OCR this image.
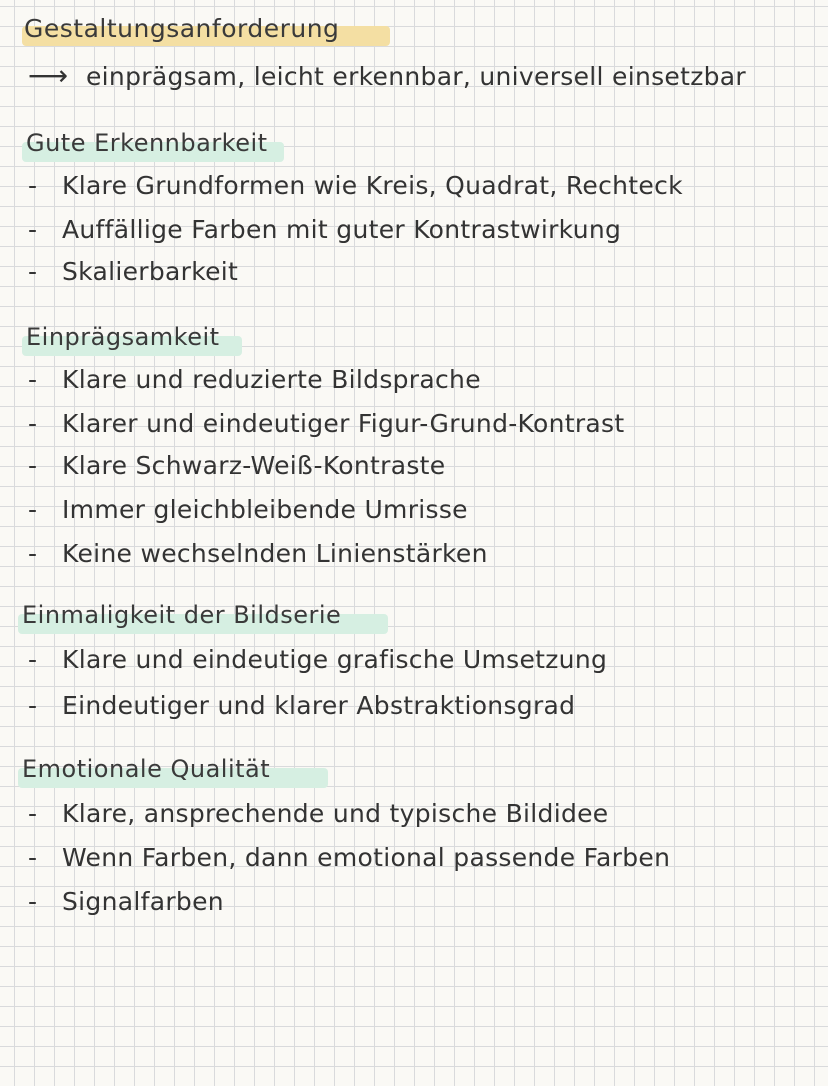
Gestaltungsanforderung
⟶ einprägsam, leicht erkennbar, universell einsetzbar
Gute Erkennbarkeit
- Klare Grundformen wie Kreis, Quadrat, Rechteck
- Auffällige Farben mit guter Kontrastwirkung
- Skalierbarkeit
Einprägsamkeit
- Klare und reduzierte Bildsprache
- Klarer und eindeutiger Figur-Grund-Kontrast
- Klare Schwarz-Weiß-Kontraste
- Immer gleichbleibende Umrisse
- Keine wechselnden Linienstärken
Einmaligkeit der Bildserie
- Klare und eindeutige grafische Umsetzung
- Eindeutiger und klarer Abstraktionsgrad
Emotionale Qualität
- Klare, ansprechende und typische Bildidee
- Wenn Farben, dann emotional passende Farben
- Signalfarben
